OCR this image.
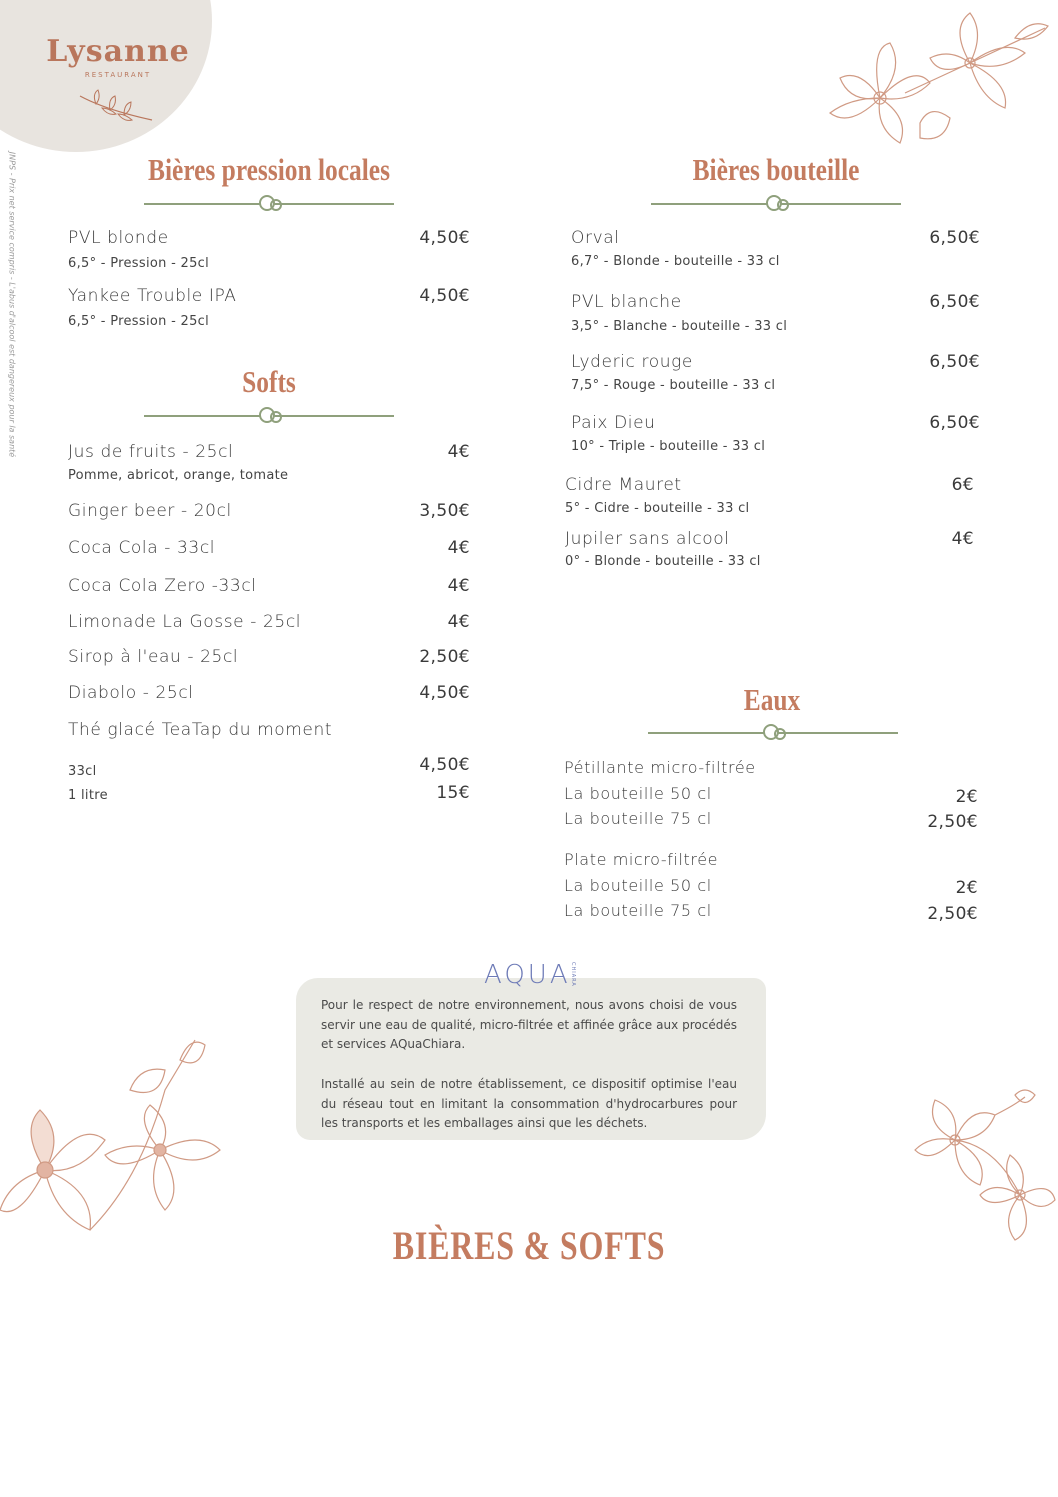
Lysanne
RESTAURANT
JNPS - Prix net service compris - L'abus d'alcool est dangereux pour la santé	Bières pression locales
PVL blonde	4,50€
6,5° - Pression - 25cl
Yankee Trouble IPA	4,50€
6,5° - Pression - 25cl
Softs
Jus de fruits - 25cl	4€
Pomme, abricot, orange, tomate
Ginger beer - 20cl	3,50€
Coca Cola - 33cl	4€
Coca Cola Zero -33cl	4€
Limonade La Gosse - 25cl	4€
Sirop à l'eau - 25cl	2,50€
Diabolo - 25cl	4,50€
Thé glacé TeaTap du moment
33cl	4,50€
1 litre	15€
Bières bouteille
Orval	6,50€
6,7° - Blonde - bouteille - 33 cl
PVL blanche	6,50€
3,5° - Blanche - bouteille - 33 cl
Lyderic rouge	6,50€
7,5° - Rouge - bouteille - 33 cl
Paix Dieu	6,50€
10° - Triple - bouteille - 33 cl
Cidre Mauret	6€
5° - Cidre - bouteille - 33 cl
Jupiler sans alcool	4€
0° - Blonde - bouteille - 33 cl
Eaux
Pétillante micro-filtrée
La bouteille 50 cl	2€
La bouteille 75 cl	2,50€
Plate micro-filtrée
La bouteille 50 cl	2€
La bouteille 75 cl	2,50€
AQUA CHIARA
Pour le respect de notre environnement, nous avons choisi de vous servir une eau de qualité, micro-filtrée et affinée grâce aux procédés et services AQuaChiara.
Installé au sein de notre établissement, ce dispositif optimise l'eau du réseau tout en limitant la consommation d'hydrocarbures pour les transports et les emballages ainsi que les déchets.
BIÈRES & SOFTS
